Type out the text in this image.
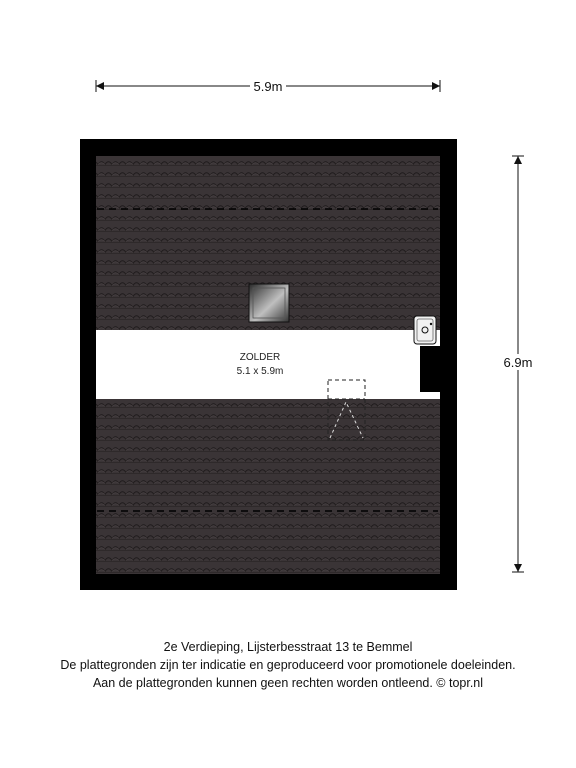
5.9m
6.9m
ZOLDER
5.1 x 5.9m
2e Verdieping, Lijsterbesstraat 13 te Bemmel
De plattegronden zijn ter indicatie en geproduceerd voor promotionele doeleinden.
Aan de plattegronden kunnen geen rechten worden ontleend. © topr.nl
